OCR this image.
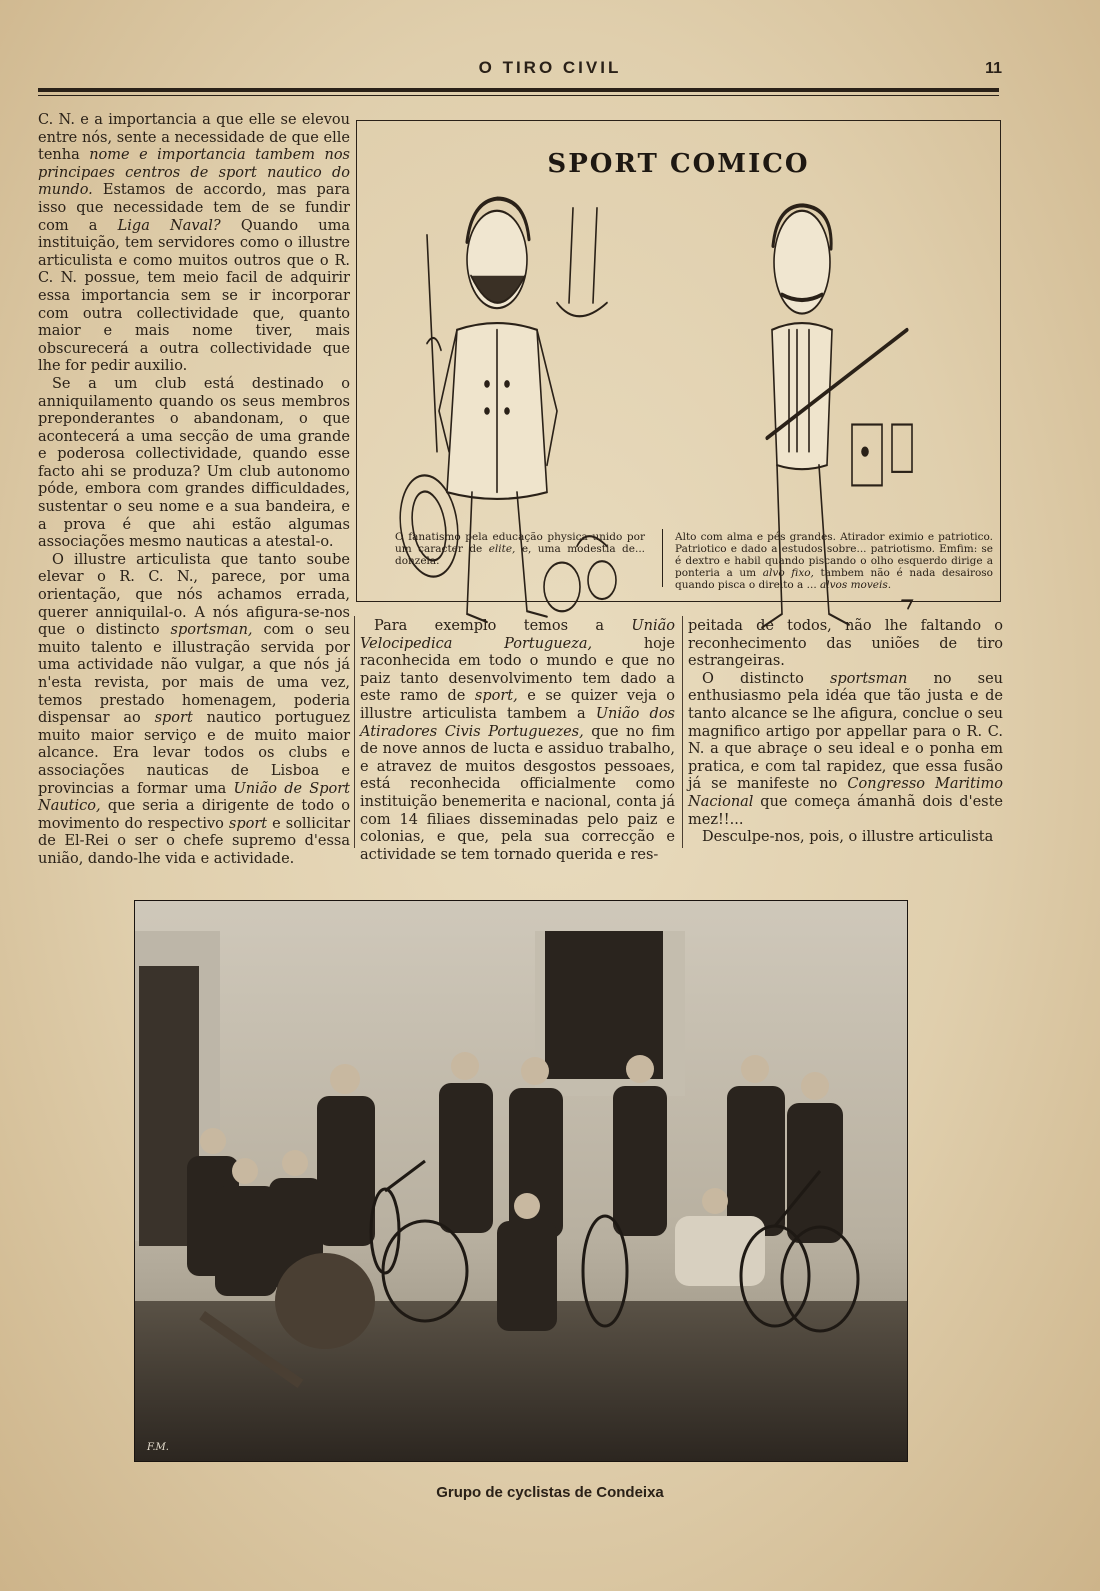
O TIRO CIVIL	11

C. N. e a importancia a que elle se elevou entre nós, sente a necessidade de que elle tenha nome e importancia tambem nos principaes centros de sport nautico do mundo. Estamos de accordo, mas para isso que necessidade tem de se fundir com a Liga Naval? Quando uma instituição, tem servidores como o illustre articulista e como muitos outros que o R. C. N. possue, tem meio facil de adquirir essa importancia sem se ir incorporar com outra collectividade que, quanto maior e mais nome tiver, mais obscurecerá a outra collectividade que lhe for pedir auxilio.

Se a um club está destinado o anniquilamento quando os seus membros preponderantes o abandonam, o que acontecerá a uma secção de uma grande e poderosa collectividade, quando esse facto ahi se produza? Um club autonomo póde, embora com grandes difficuldades, sustentar o seu nome e a sua bandeira, e a prova é que ahi estão algumas associações mesmo nauticas a atestal-o.

O illustre articulista que tanto soube elevar o R. C. N., parece, por uma orientação, que nós achamos errada, querer anniquilal-o. A nós afigura-se-nos que o distincto sportsman, com o seu muito talento e illustração servida por uma actividade não vulgar, a que nós já n'esta revista, por mais de uma vez, temos prestado homenagem, poderia dispensar ao sport nautico portuguez muito maior serviço e de muito maior alcance. Era levar todos os clubs e associações nauticas de Lisboa e provincias a formar uma União de Sport Nautico, que seria a dirigente de todo o movimento do respectivo sport e sollicitar de El-Rei o ser o chefe supremo d'essa união, dando-lhe vida e actividade.

SPORT COMICO
O fanatismo pela educação physica unido por um caracter de elite, e, uma modestia de... donzela.
Alto com alma e pés grandes. Atirador eximio e patriotico. Patriotico e dado a estudos sobre... patriotismo. Emfim: se é dextro e habil quando piscando o olho esquerdo dirige a ponteria a um alvo fixo, tambem não é nada desairoso quando pisca o direito a ... alvos moveis.

Para exemplo temos a União Velocipedica Portugueza, hoje raconhecida em todo o mundo e que no paiz tanto desenvolvimento tem dado a este ramo de sport, e se quizer veja o illustre articulista tambem a União dos Atiradores Civis Portuguezes, que no fim de nove annos de lucta e assiduo trabalho, e atravez de muitos desgostos pessoaes, está reconhecida officialmente como instituição benemerita e nacional, conta já com 14 filiaes disseminadas pelo paiz e colonias, e que, pela sua correcção e actividade se tem tornado querida e res-

peitada de todos, não lhe faltando o reconhecimento das uniões de tiro estrangeiras.

O distincto sportsman no seu enthusiasmo pela idéa que tão justa e de tanto alcance se lhe afigura, conclue o seu magnifico artigo por appellar para o R. C. N. a que abraçe o seu ideal e o ponha em pratica, e com tal rapidez, que essa fusão já se manifeste no Congresso Maritimo Nacional que começa ámanhã dois d'este mez!!...

Desculpe-nos, pois, o illustre articulista

F.M.
Grupo de cyclistas de Condeixa
